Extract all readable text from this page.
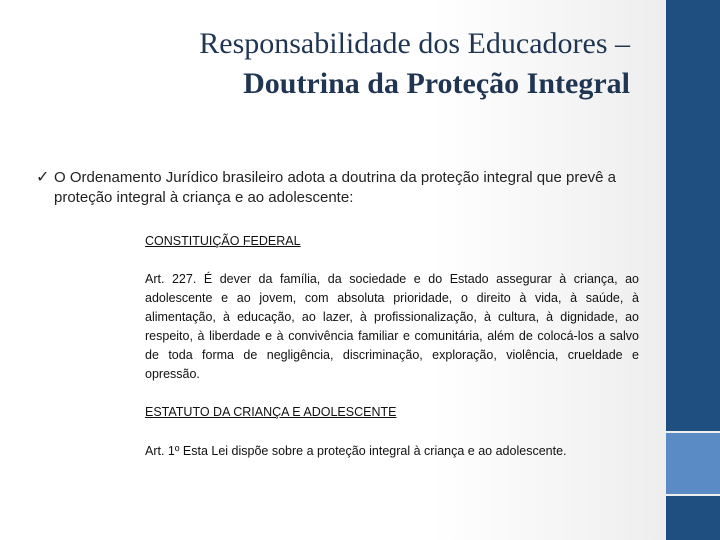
Responsabilidade dos Educadores –
Doutrina da Proteção Integral
✓ O Ordenamento Jurídico brasileiro adota a doutrina da proteção integral que prevê a proteção integral à criança e ao adolescente:
CONSTITUIÇÃO FEDERAL
Art. 227. É dever da família, da sociedade e do Estado assegurar à criança, ao adolescente e ao jovem, com absoluta prioridade, o direito à vida, à saúde, à alimentação, à educação, ao lazer, à profissionalização, à cultura, à dignidade, ao respeito, à liberdade e à convivência familiar e comunitária, além de colocá-los a salvo de toda forma de negligência, discriminação, exploração, violência, crueldade e opressão.
ESTATUTO DA CRIANÇA E ADOLESCENTE
Art. 1º Esta Lei dispõe sobre a proteção integral à criança e ao adolescente.
